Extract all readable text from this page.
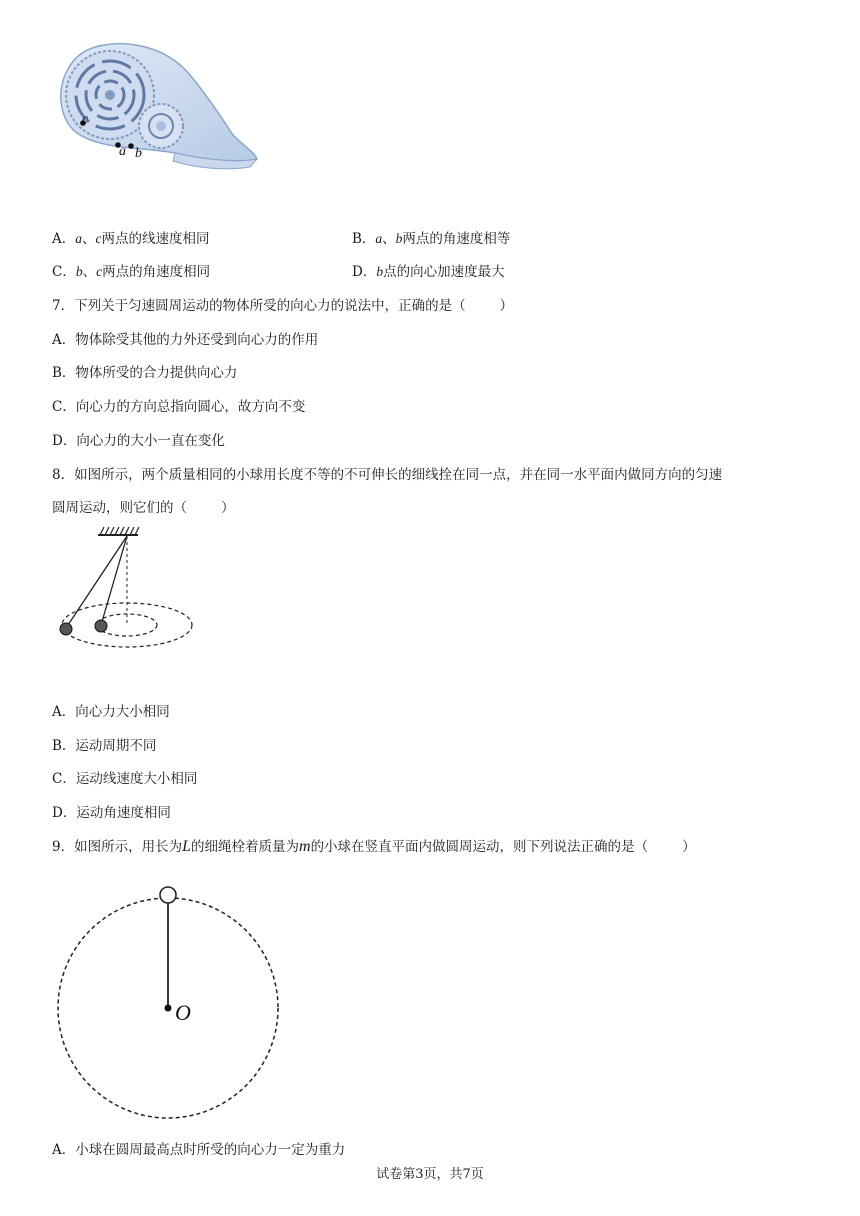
c
a b
A．a、c两点的线速度相同	B．a、b两点的角速度相等
C．b、c两点的角速度相同	D．b点的向心加速度最大
7．下列关于匀速圆周运动的物体所受的向心力的说法中，正确的是（	）
A．物体除受其他的力外还受到向心力的作用
B．物体所受的合力提供向心力
C．向心力的方向总指向圆心，故方向不变
D．向心力的大小一直在变化
8．如图所示，两个质量相同的小球用长度不等的不可伸长的细线拴在同一点，并在同一水平面内做同方向的匀速
圆周运动，则它们的（	）
A．向心力大小相同
B．运动周期不同
C．运动线速度大小相同
D．运动角速度相同
9．如图所示，用长为L的细绳栓着质量为m的小球在竖直平面内做圆周运动，则下列说法正确的是（	）
O
A．小球在圆周最高点时所受的向心力一定为重力
试卷第3页，共7页
